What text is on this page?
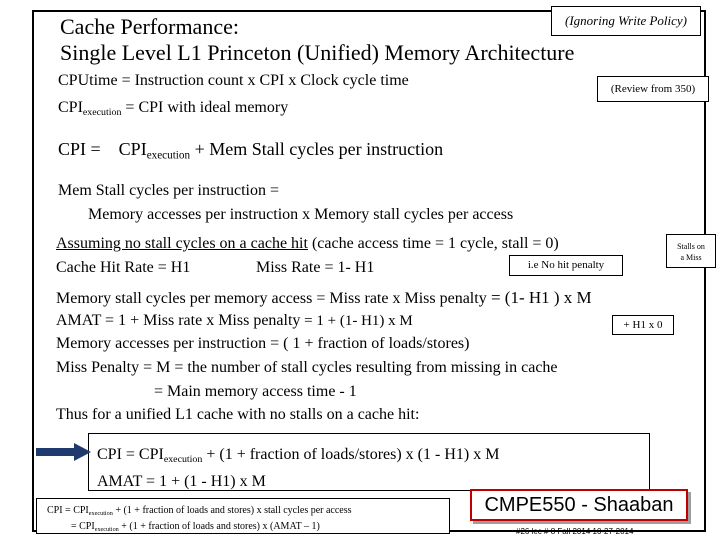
(Ignoring Write Policy)
Cache Performance:
Single Level L1 Princeton (Unified) Memory Architecture
CPUtime = Instruction count x CPI x Clock cycle time	(Review from 350)
$CPI_{execution}$ = CPI with ideal memory
CPI = $CPI_{execution}$ + Mem Stall cycles per instruction
Mem Stall cycles per instruction =
Memory accesses per instruction x Memory stall cycles per access
Assuming no stall cycles on a cache hit (cache access time = 1 cycle, stall = 0)	Stalls on
a Miss
Cache Hit Rate = H1	Miss Rate = 1- H1	i.e No hit penalty
Memory stall cycles per memory access = Miss rate x Miss penalty = (1- H1 ) x M
AMAT = 1 + Miss rate x Miss penalty = 1 + (1- H1) x M	+ H1 x 0
Memory accesses per instruction = ( 1 + fraction of loads/stores)
Miss Penalty = M = the number of stall cycles resulting from missing in cache
= Main memory access time - 1
Thus for a unified L1 cache with no stalls on a cache hit:
CPI = $CPI_{execution} + (1$ + fraction of loads/stores) x (1 - H1) x M
AMAT = 1 + (1 - H1) x M
CPI = $CPI_{execution} + (1$ + fraction of loads and stores) x stall cycles per access
= $CPI_{execution} + (1$ + fraction of loads and stores) x (AMAT – 1)
CMPE550 - Shaaban
#26 lec # 8 Fall 2014 10-27-2014
